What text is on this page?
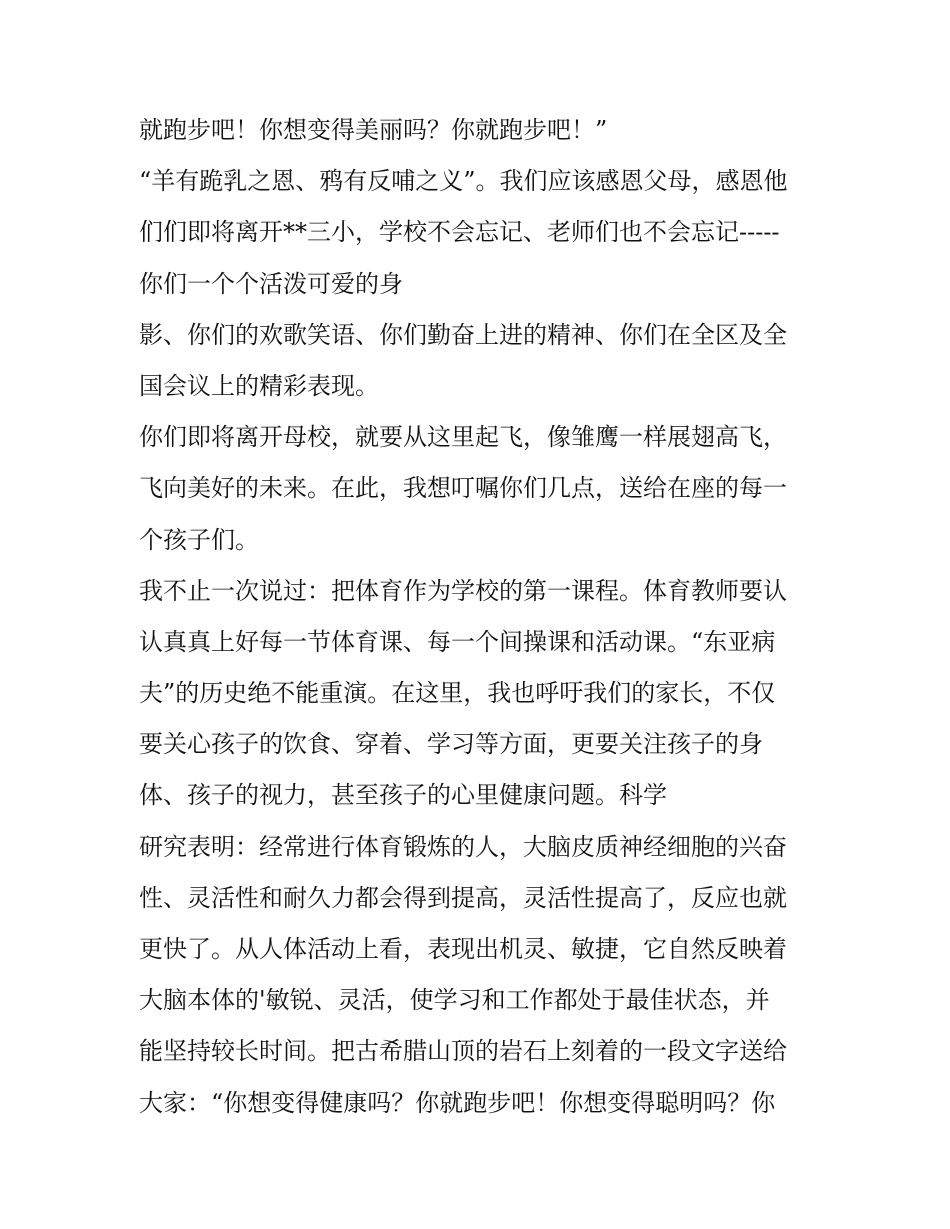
就跑步吧！你想变得美丽吗？你就跑步吧！”
“羊有跪乳之恩、鸦有反哺之义”。我们应该感恩父母，感恩他
们们即将离开**三小，学校不会忘记、老师们也不会忘记-----
你们一个个活泼可爱的身
影、你们的欢歌笑语、你们勤奋上进的精神、你们在全区及全
国会议上的精彩表现。
你们即将离开母校，就要从这里起飞，像雏鹰一样展翅高飞，
飞向美好的未来。在此，我想叮嘱你们几点，送给在座的每一
个孩子们。
我不止一次说过：把体育作为学校的第一课程。体育教师要认
认真真上好每一节体育课、每一个间操课和活动课。“东亚病
夫”的历史绝不能重演。在这里，我也呼吁我们的家长，不仅
要关心孩子的饮食、穿着、学习等方面，更要关注孩子的身
体、孩子的视力，甚至孩子的心里健康问题。科学
研究表明：经常进行体育锻炼的人，大脑皮质神经细胞的兴奋
性、灵活性和耐久力都会得到提高，灵活性提高了，反应也就
更快了。从人体活动上看，表现出机灵、敏捷，它自然反映着
大脑本体的'敏锐、灵活，使学习和工作都处于最佳状态，并
能坚持较长时间。把古希腊山顶的岩石上刻着的一段文字送给
大家：“你想变得健康吗？你就跑步吧！你想变得聪明吗？你
